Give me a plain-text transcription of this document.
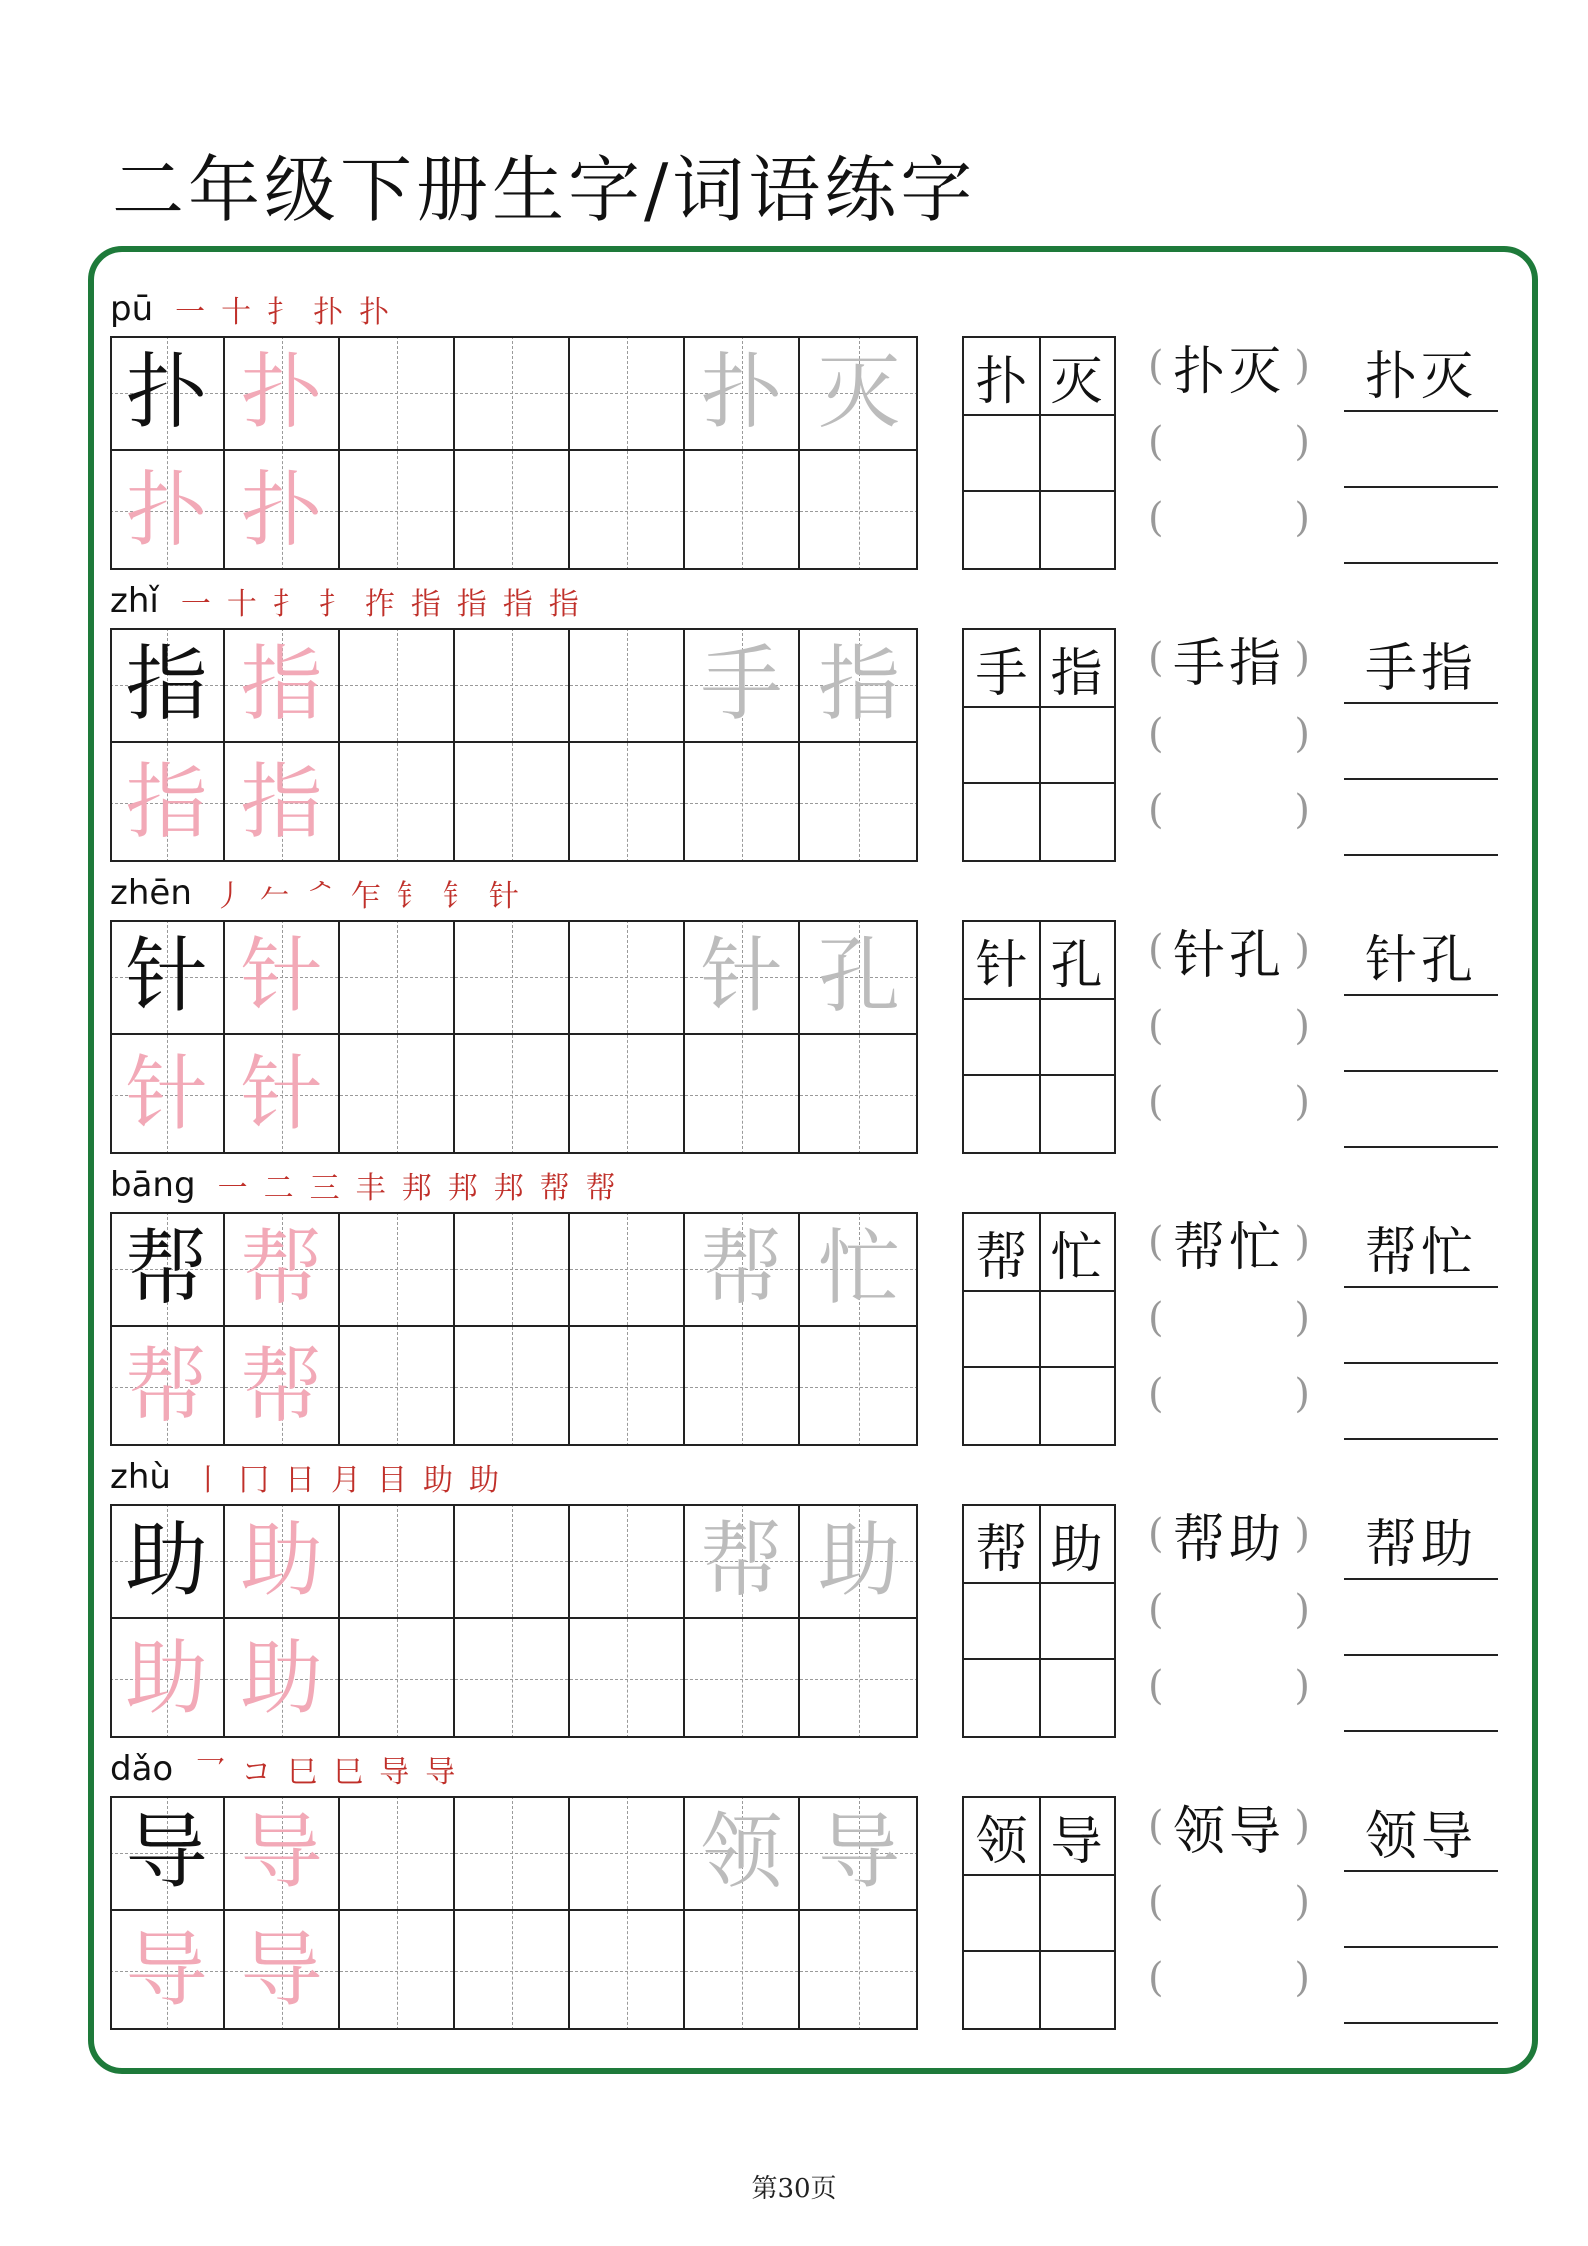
二年级下册生字/词语练字
pū 一 十 扌 扑 扑
扑 扑	扑 灭
扑 扑
扑 灭 ( 扑灭 )
(	)
(	)
扑灭
zhǐ 一 十 扌 扌 拃 指 指 指 指
指 指	手 指
指 指
手 指 ( 手指 )
(	)
(	)
手指
zhēn 丿 𠂉 ᄼ 乍 钅 钅 针
针 针	针 孔
针 针
针 孔 ( 针孔 )
(	)
(	)
针孔
bāng 一 二 三 丰 邦 邦 邦 帮 帮
帮 帮	帮 忙
帮 帮
帮 忙 ( 帮忙 )
(	)
(	)
帮忙
zhù 丨 冂 日 月 目 助 助
助 助	帮 助
助 助
帮 助 ( 帮助 )
(	)
(	)
帮助
dǎo 乛 コ 巳 巳 导 导
导 导	领 导
导 导
领 导 ( 领导 )
(	)
(	)
领导
第30页
